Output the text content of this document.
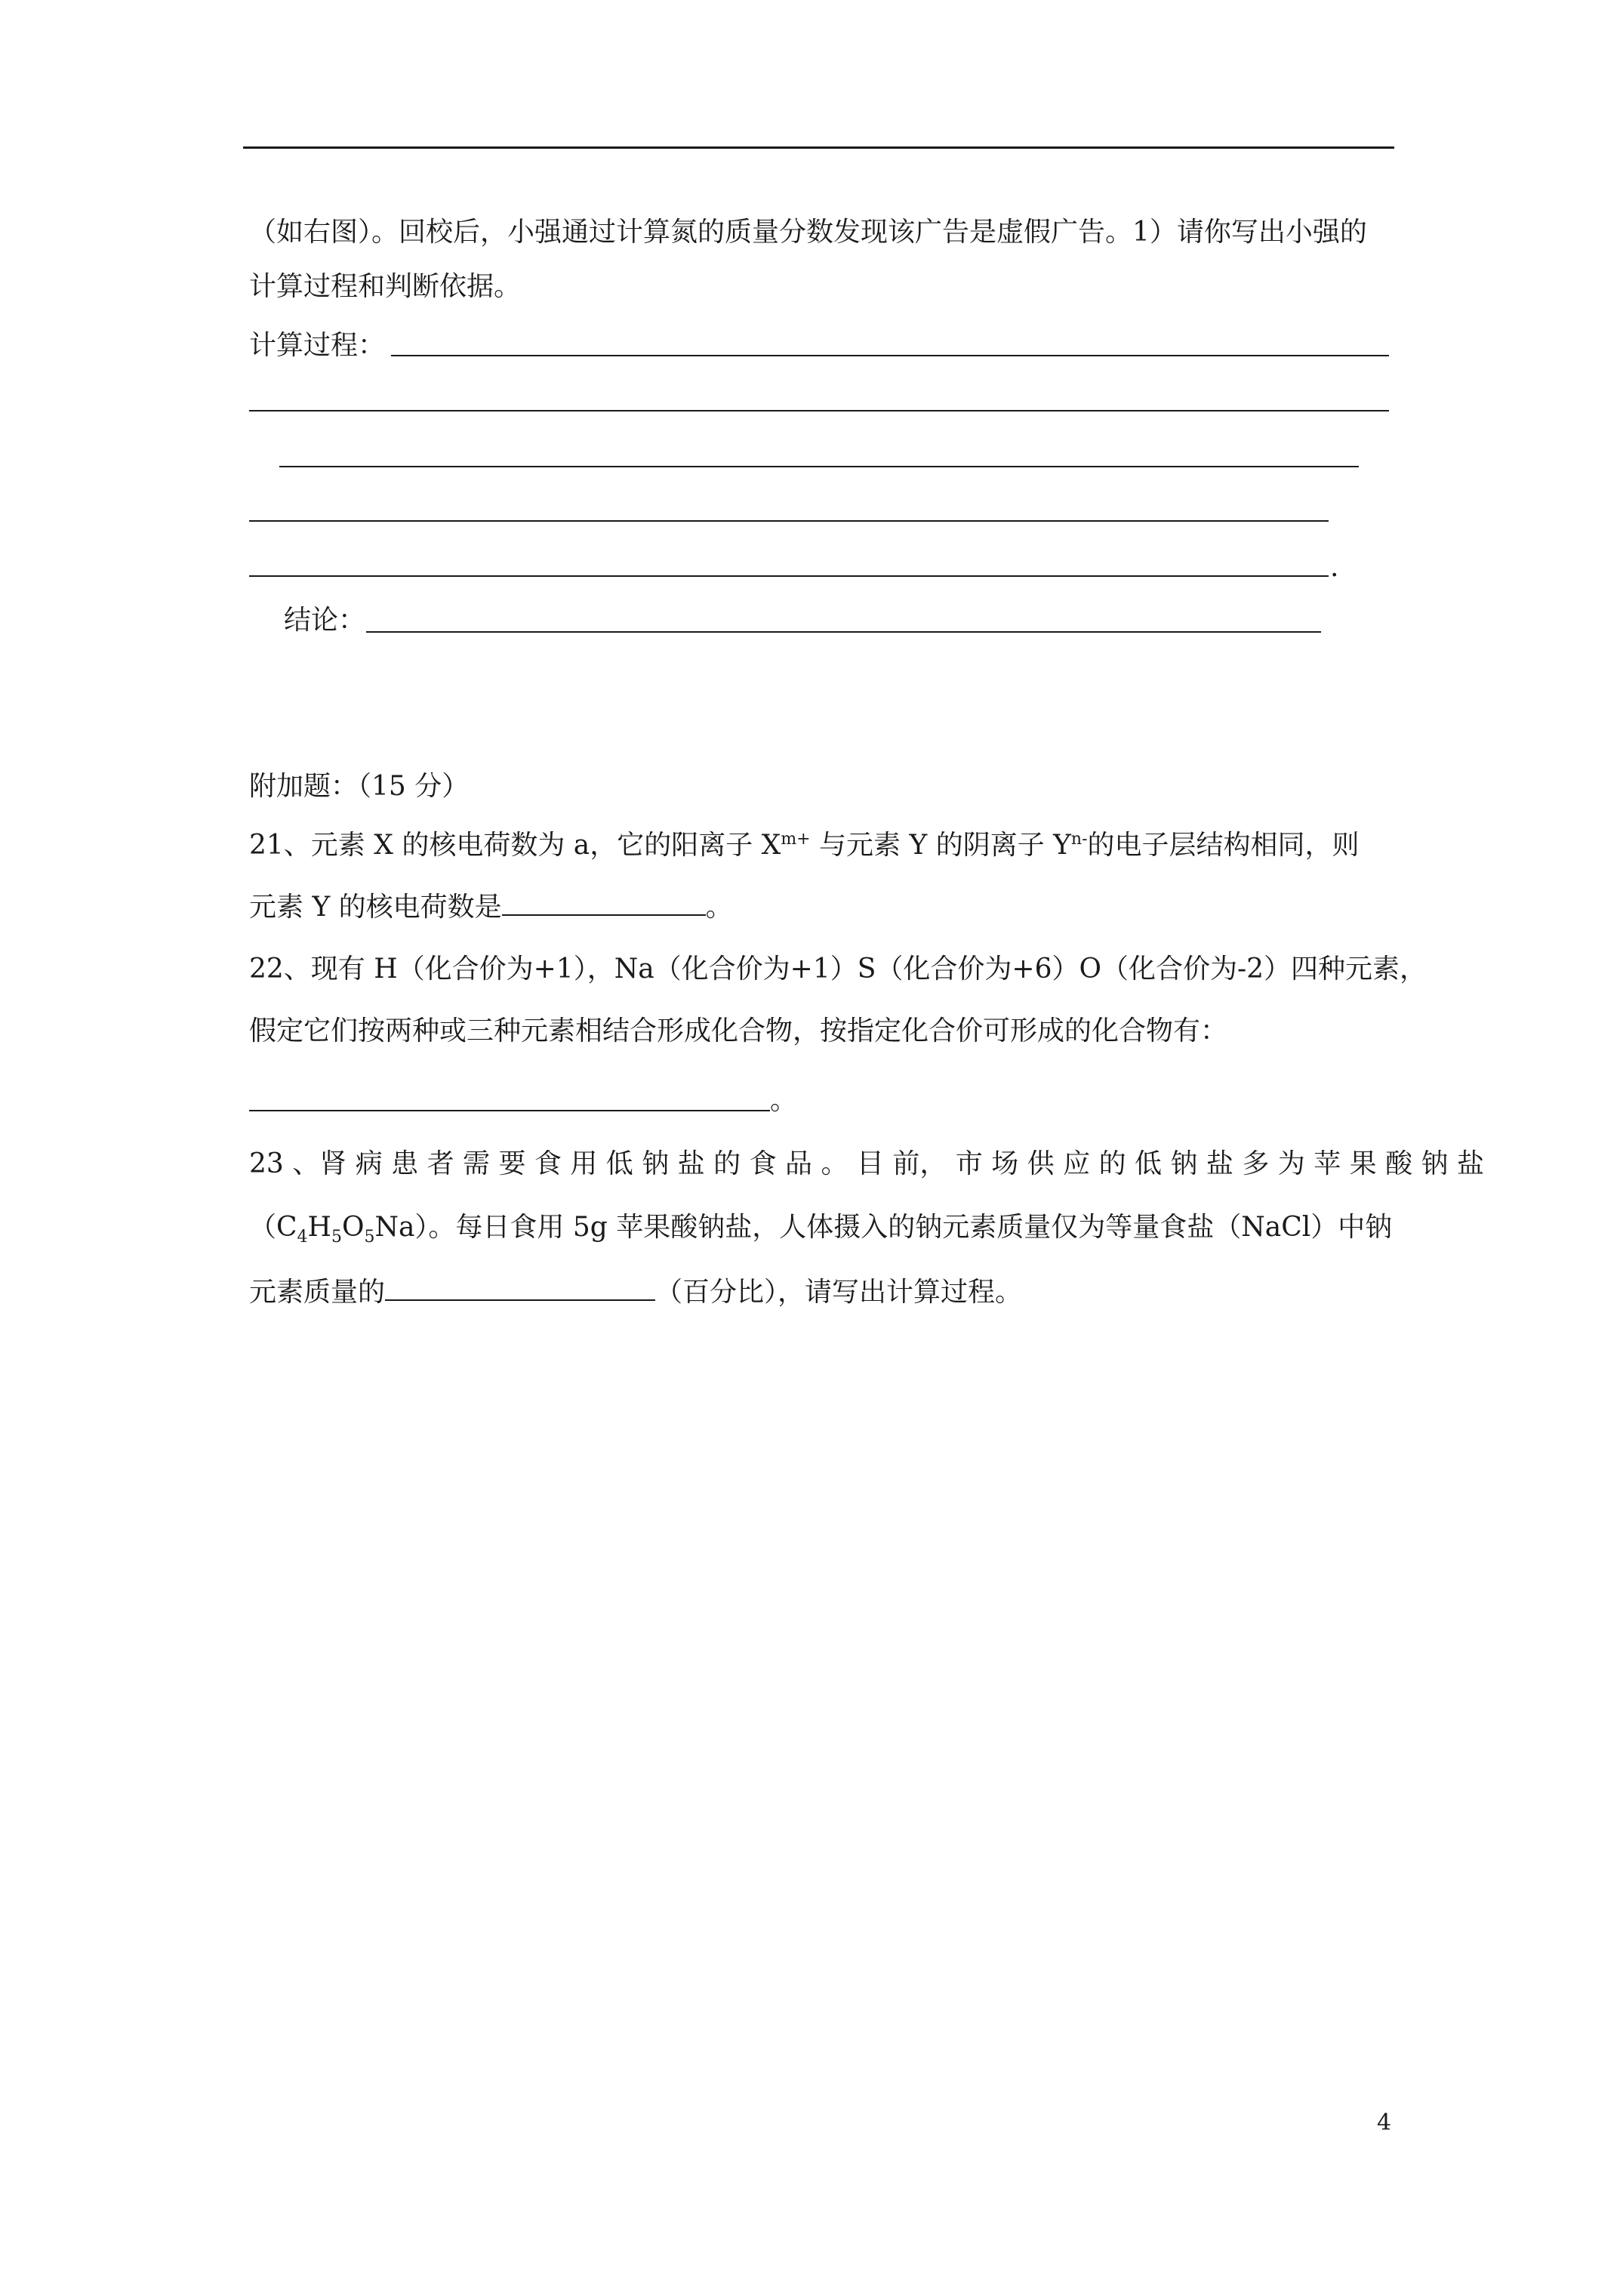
（如右图）。回校后，小强通过计算氮的质量分数发现该广告是虚假广告。1）请你写出小强的
计算过程和判断依据。
计算过程：
.
结论：
附加题：（15 分）
21、元素 X 的核电荷数为 a，它的阳离子 $X^{m+}$ 与元素 Y 的阴离子 $Y^{n-}$的电子层结构相同，则
元素 Y 的核电荷数是	。
22、现有 H（化合价为+1），Na（化合价为+1）S（化合价为+6）O（化合价为-2）四种元素，
假定它们按两种或三种元素相结合形成化合物，按指定化合价可形成的化合物有：
。
23 、肾 病 患 者 需 要 食 用 低 钠 盐 的 食 品 。 目 前， 市 场 供 应 的 低 钠 盐 多 为 苹 果 酸 钠 盐
$(C_4H_5O_5Na)$。每日食用 5g 苹果酸钠盐，人体摄入的钠元素质量仅为等量食盐（NaCl）中钠
元素质量的	（百分比），请写出计算过程。
4
